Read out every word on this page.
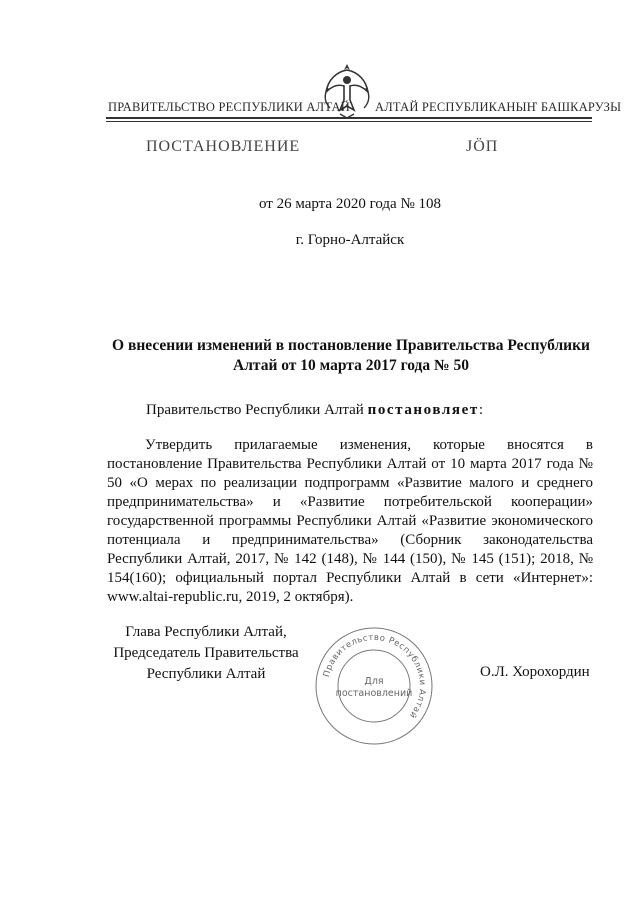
ПРАВИТЕЛЬСТВО РЕСПУБЛИКИ АЛТАЙ АЛТАЙ РЕСПУБЛИКАНЫҤ БАШКАРУЗЫ
ПОСТАНОВЛЕНИЕ	JӦП
от 26 марта 2020 года № 108
г. Горно-Алтайск
О внесении изменений в постановление Правительства Республики Алтай от 10 марта 2017 года № 50
Правительство Республики Алтай постановляет:
Утвердить прилагаемые изменения, которые вносятся в постановление Правительства Республики Алтай от 10 марта 2017 года № 50 «О мерах по реализации подпрограмм «Развитие малого и среднего предпринимательства» и «Развитие потребительской кооперации» государственной программы Республики Алтай «Развитие экономического потенциала и предпринимательства» (Сборник законодательства Республики Алтай, 2017, № 142 (148), № 144 (150), № 145 (151); 2018, № 154(160); официальный портал Республики Алтай в сети «Интернет»: www.altai-republic.ru, 2019, 2 октября).
Глава Республики Алтай,
Председатель Правительства
Республики Алтай	Правительство Республики Алтай
Для
постановлений
О.Л. Хорохордин
